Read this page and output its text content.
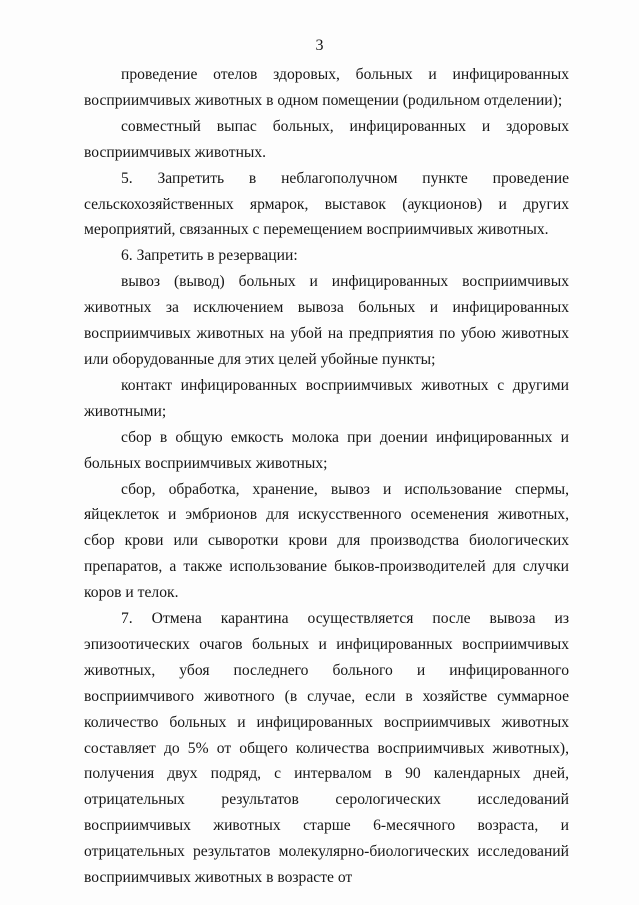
3

проведение отелов здоровых, больных и инфицированных восприимчивых животных в одном помещении (родильном отделении);

совместный выпас больных, инфицированных и здоровых восприимчивых животных.

5. Запретить в неблагополучном пункте проведение сельскохозяйственных ярмарок, выставок (аукционов) и других мероприятий, связанных с перемещением восприимчивых животных.

6. Запретить в резервации:

вывоз (вывод) больных и инфицированных восприимчивых животных за исключением вывоза больных и инфицированных восприимчивых животных на убой на предприятия по убою животных или оборудованные для этих целей убойные пункты;

контакт инфицированных восприимчивых животных с другими животными;

сбор в общую емкость молока при доении инфицированных и больных восприимчивых животных;

сбор, обработка, хранение, вывоз и использование спермы, яйцеклеток и эмбрионов для искусственного осеменения животных, сбор крови или сыворотки крови для производства биологических препаратов, а также использование быков-производителей для случки коров и телок.

7. Отмена карантина осуществляется после вывоза из эпизоотических очагов больных и инфицированных восприимчивых животных, убоя последнего больного и инфицированного восприимчивого животного (в случае, если в хозяйстве суммарное количество больных и инфицированных восприимчивых животных составляет до 5% от общего количества восприимчивых животных), получения двух подряд, с интервалом в 90 календарных дней, отрицательных результатов серологических исследований восприимчивых животных старше 6-месячного возраста, и отрицательных результатов молекулярно-биологических исследований восприимчивых животных в возрасте от
